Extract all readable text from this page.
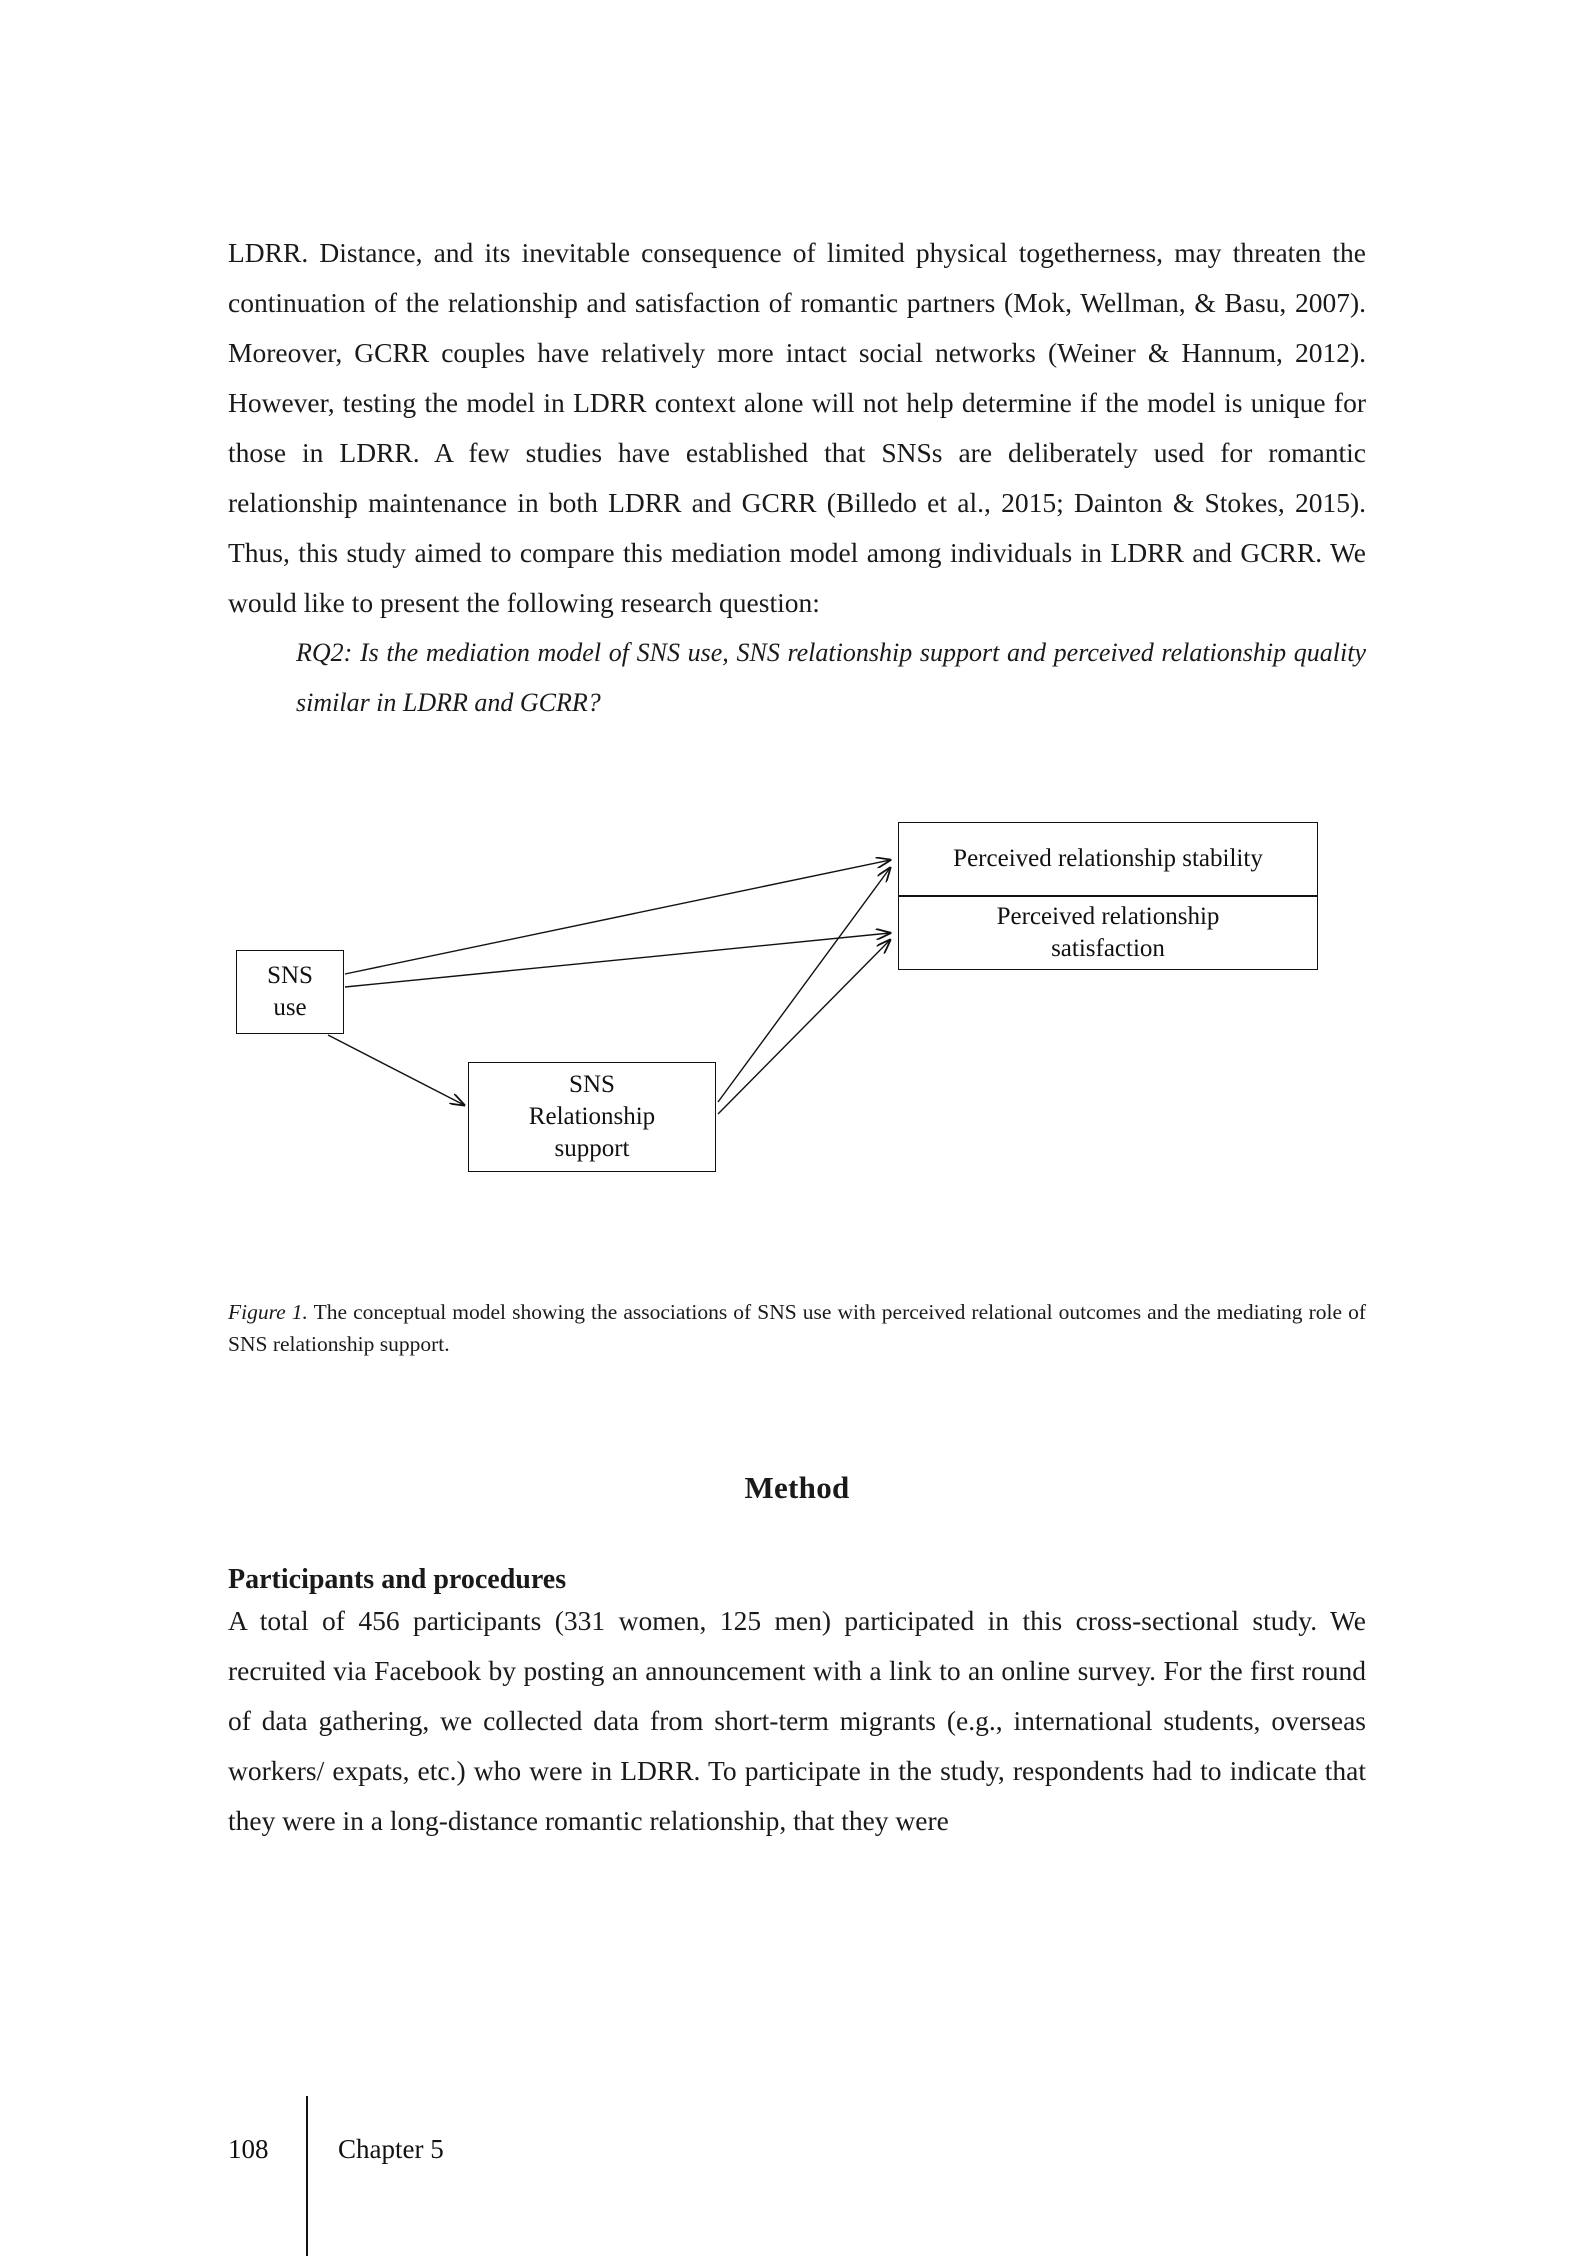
LDRR. Distance, and its inevitable consequence of limited physical togetherness, may threaten the continuation of the relationship and satisfaction of romantic partners (Mok, Wellman, & Basu, 2007). Moreover, GCRR couples have relatively more intact social networks (Weiner & Hannum, 2012). However, testing the model in LDRR context alone will not help determine if the model is unique for those in LDRR. A few studies have established that SNSs are deliberately used for romantic relationship maintenance in both LDRR and GCRR (Billedo et al., 2015; Dainton & Stokes, 2015). Thus, this study aimed to compare this mediation model among individuals in LDRR and GCRR. We would like to present the following research question:

RQ2: Is the mediation model of SNS use, SNS relationship support and perceived relationship quality similar in LDRR and GCRR?

SNS
use
Perceived relationship stability
Perceived relationship
satisfaction
SNS
Relationship
support

Figure 1. The conceptual model showing the associations of SNS use with perceived relational outcomes and the mediating role of SNS relationship support.

Method
Participants and procedures

A total of 456 participants (331 women, 125 men) participated in this cross-sectional study. We recruited via Facebook by posting an announcement with a link to an online survey. For the first round of data gathering, we collected data from short-term migrants (e.g., international students, overseas workers/ expats, etc.) who were in LDRR. To participate in the study, respondents had to indicate that they were in a long-distance romantic relationship, that they were

108	Chapter 5
